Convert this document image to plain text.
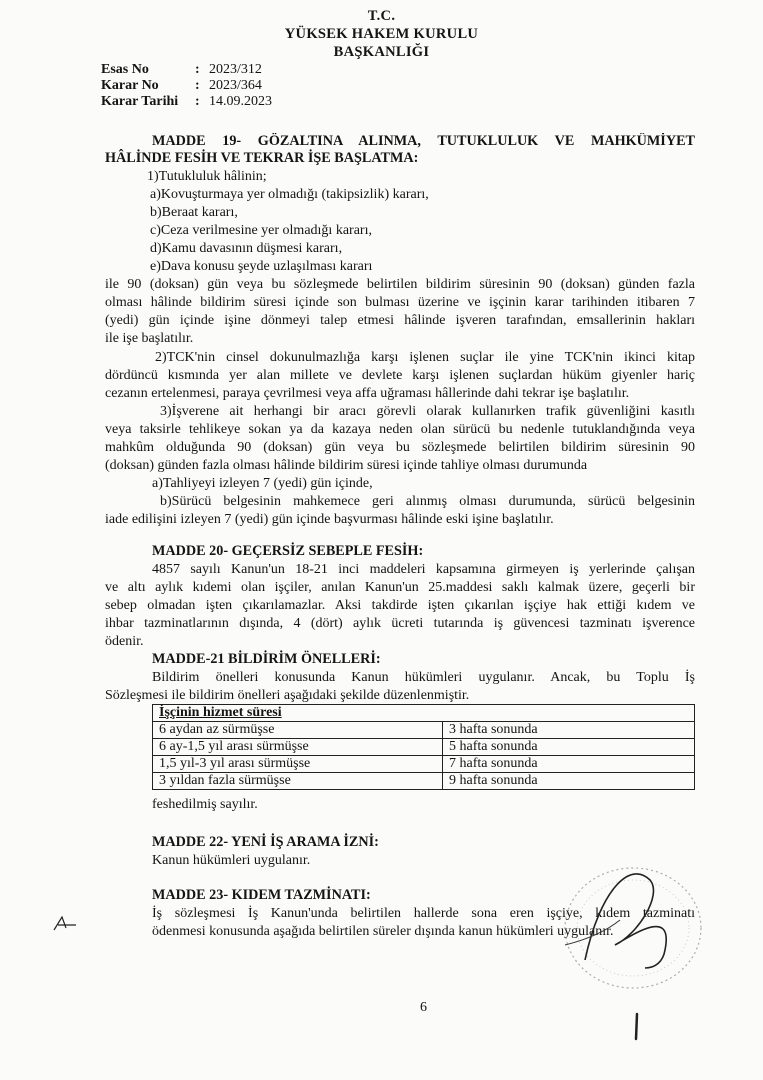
T.C.
YÜKSEK HAKEM KURULU
BAŞKANLIĞI
Esas No	: 2023/312
Karar No	: 2023/364
Karar Tarihi	: 14.09.2023
MADDE 19- GÖZALTINA ALINMA, TUTUKLULUK VE MAHKÛMİYET
HÂLİNDE FESİH VE TEKRAR İŞE BAŞLATMA:
1)Tutukluluk hâlinin;
a)Kovuşturmaya yer olmadığı (takipsizlik) kararı,
b)Beraat kararı,
c)Ceza verilmesine yer olmadığı kararı,
d)Kamu davasının düşmesi kararı,
e)Dava konusu şeyde uzlaşılması kararı
ile 90 (doksan) gün veya bu sözleşmede belirtilen bildirim süresinin 90 (doksan) günden fazla
olması hâlinde bildirim süresi içinde son bulması üzerine ve işçinin karar tarihinden itibaren 7
(yedi) gün içinde işine dönmeyi talep etmesi hâlinde işveren tarafından, emsallerinin hakları
ile işe başlatılır.
2)TCK'nin cinsel dokunulmazlığa karşı işlenen suçlar ile yine TCK'nin ikinci kitap
dördüncü kısmında yer alan millete ve devlete karşı işlenen suçlardan hüküm giyenler hariç
cezanın ertelenmesi, paraya çevrilmesi veya affa uğraması hâllerinde dahi tekrar işe başlatılır.
3)İşverene ait herhangi bir aracı görevli olarak kullanırken trafik güvenliğini kasıtlı
veya taksirle tehlikeye sokan ya da kazaya neden olan sürücü bu nedenle tutuklandığında veya
mahkûm olduğunda 90 (doksan) gün veya bu sözleşmede belirtilen bildirim süresinin 90
(doksan) günden fazla olması hâlinde bildirim süresi içinde tahliye olması durumunda
a)Tahliyeyi izleyen 7 (yedi) gün içinde,
b)Sürücü belgesinin mahkemece geri alınmış olması durumunda, sürücü belgesinin
iade edilişini izleyen 7 (yedi) gün içinde başvurması hâlinde eski işine başlatılır.
MADDE 20- GEÇERSİZ SEBEPLE FESİH:
4857 sayılı Kanun'un 18-21 inci maddeleri kapsamına girmeyen iş yerlerinde çalışan
ve altı aylık kıdemi olan işçiler, anılan Kanun'un 25.maddesi saklı kalmak üzere, geçerli bir
sebep olmadan işten çıkarılamazlar. Aksi takdirde işten çıkarılan işçiye hak ettiği kıdem ve
ihbar tazminatlarının dışında, 4 (dört) aylık ücreti tutarında iş güvencesi tazminatı işverence
ödenir.
MADDE-21 BİLDİRİM ÖNELLERİ:
Bildirim önelleri konusunda Kanun hükümleri uygulanır. Ancak, bu Toplu İş
Sözleşmesi ile bildirim önelleri aşağıdaki şekilde düzenlenmiştir.
İşçinin hizmet süresi	
6 aydan az sürmüşse	3 hafta sonunda
6 ay-1,5 yıl arası sürmüşse	5 hafta sonunda
1,5 yıl-3 yıl arası sürmüşse	7 hafta sonunda
3 yıldan fazla sürmüşse	9 hafta sonunda
feshedilmiş sayılır.
MADDE 22- YENİ İŞ ARAMA İZNİ:
Kanun hükümleri uygulanır.
MADDE 23- KIDEM TAZMİNATI:
İş sözleşmesi İş Kanun'unda belirtilen hallerde sona eren işçiye, kıdem tazminatı
ödenmesi konusunda aşağıda belirtilen süreler dışında kanun hükümleri uygulanır.
6
